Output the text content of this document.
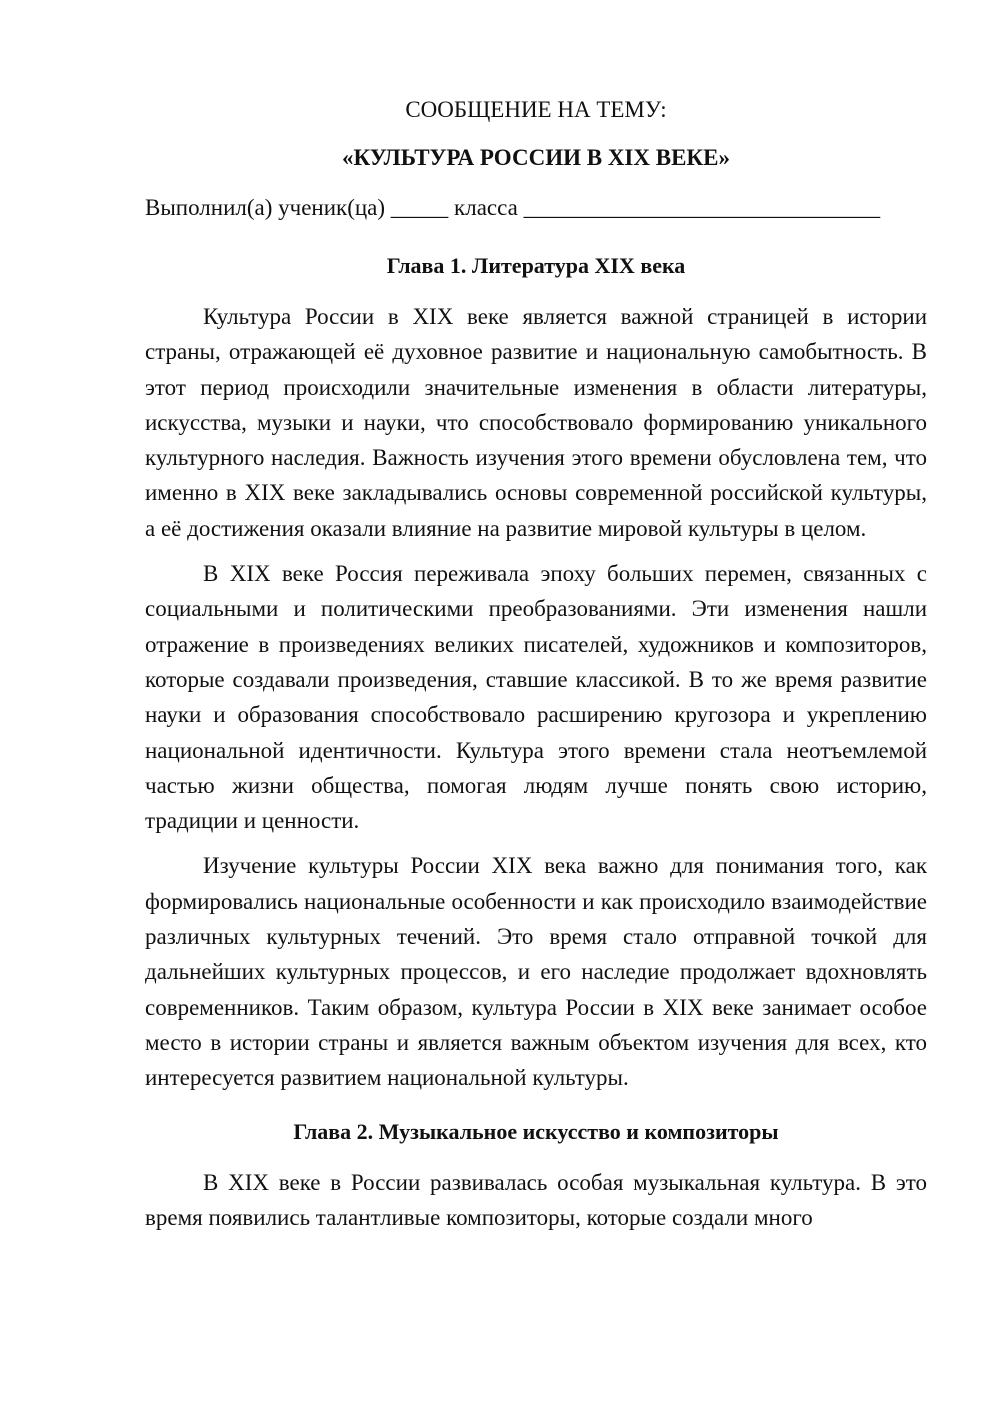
СООБЩЕНИЕ НА ТЕМУ:

«КУЛЬТУРА РОССИИ В XIX ВЕКЕ»

Выполнил(а) ученик(ца) _____ класса _______________________________

Глава 1. Литература XIX века

Культура России в XIX веке является важной страницей в истории страны, отражающей её духовное развитие и национальную самобытность. В этот период происходили значительные изменения в области литературы, искусства, музыки и науки, что способствовало формированию уникального культурного наследия. Важность изучения этого времени обусловлена тем, что именно в XIX веке закладывались основы современной российской культуры, а её достижения оказали влияние на развитие мировой культуры в целом.

В XIX веке Россия переживала эпоху больших перемен, связанных с социальными и политическими преобразованиями. Эти изменения нашли отражение в произведениях великих писателей, художников и композиторов, которые создавали произведения, ставшие классикой. В то же время развитие науки и образования способствовало расширению кругозора и укреплению национальной идентичности. Культура этого времени стала неотъемлемой частью жизни общества, помогая людям лучше понять свою историю, традиции и ценности.

Изучение культуры России XIX века важно для понимания того, как формировались национальные особенности и как происходило взаимодействие различных культурных течений. Это время стало отправной точкой для дальнейших культурных процессов, и его наследие продолжает вдохновлять современников. Таким образом, культура России в XIX веке занимает особое место в истории страны и является важным объектом изучения для всех, кто интересуется развитием национальной культуры.

Глава 2. Музыкальное искусство и композиторы

В XIX веке в России развивалась особая музыкальная культура. В это время появились талантливые композиторы, которые создали много
